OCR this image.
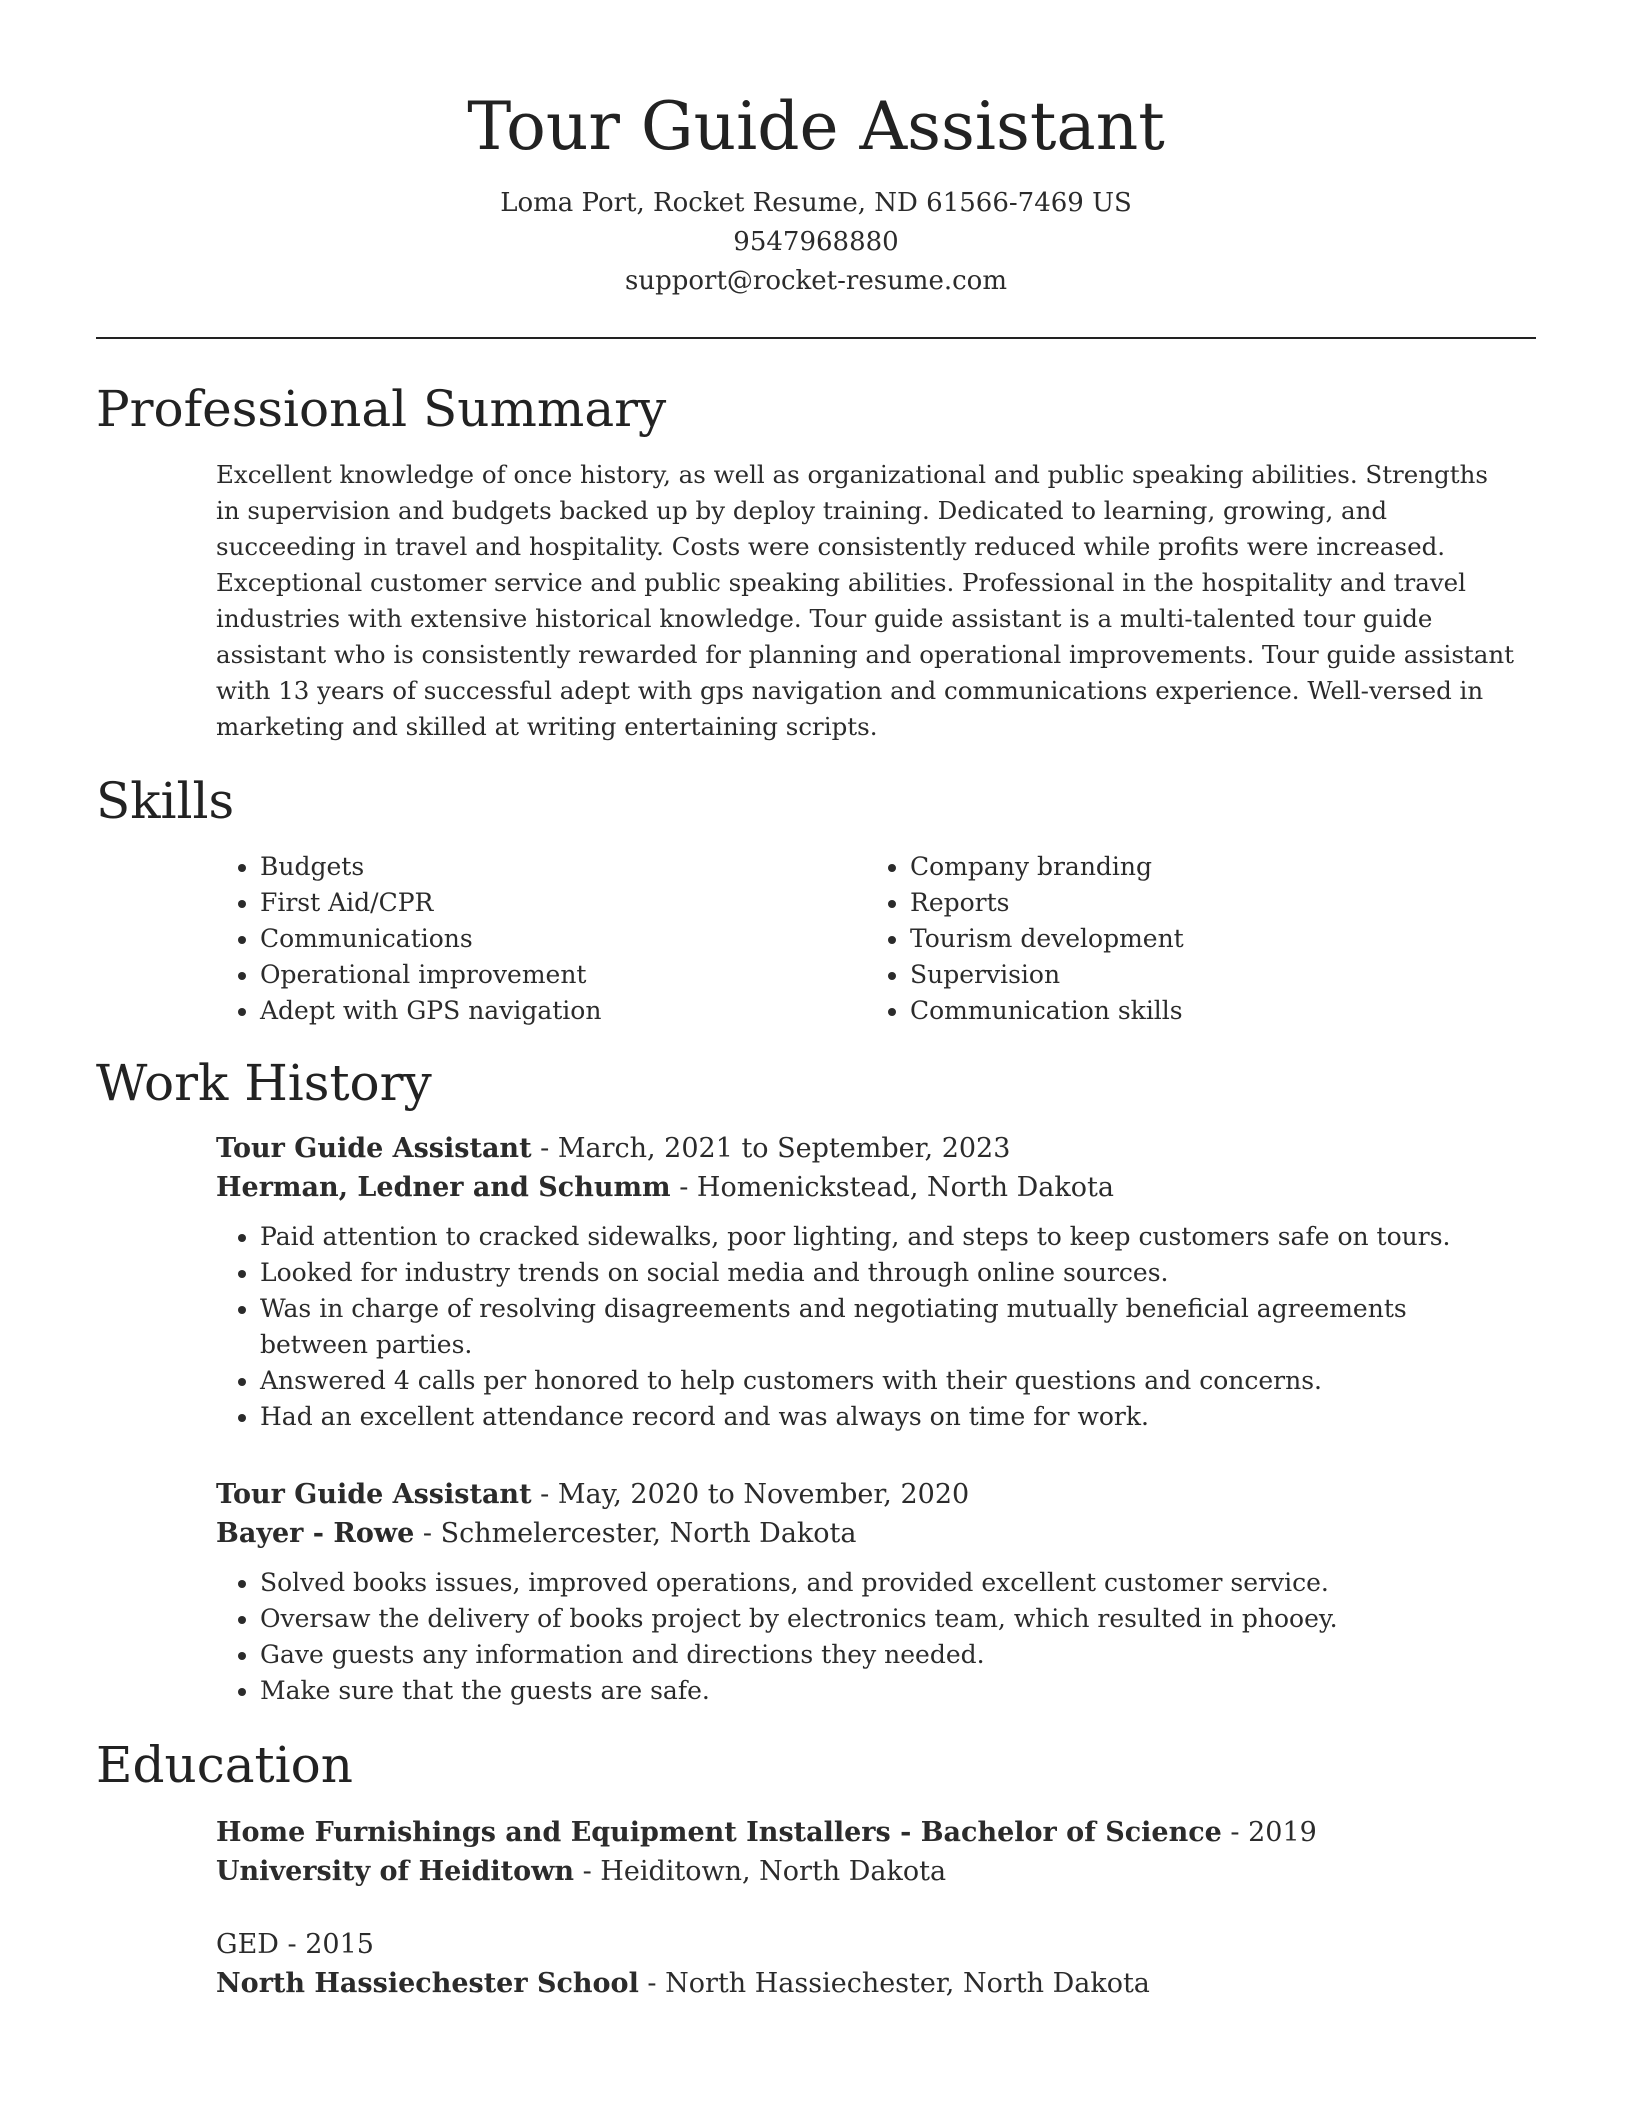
Tour Guide Assistant
Loma Port, Rocket Resume, ND 61566-7469 US
9547968880
support@rocket-resume.com
Professional Summary

Excellent knowledge of once history, as well as organizational and public speaking abilities. Strengths in supervision and budgets backed up by deploy training. Dedicated to learning, growing, and succeeding in travel and hospitality. Costs were consistently reduced while profits were increased. Exceptional customer service and public speaking abilities. Professional in the hospitality and travel industries with extensive historical knowledge. Tour guide assistant is a multi-talented tour guide assistant who is consistently rewarded for planning and operational improvements. Tour guide assistant with 13 years of successful adept with gps navigation and communications experience. Well-versed in marketing and skilled at writing entertaining scripts.

Skills
• Budgets
• First Aid/CPR
• Communications
• Operational improvement
• Adept with GPS navigation
• Company branding
• Reports
• Tourism development
• Supervision
• Communication skills
Work History
Tour Guide Assistant - March, 2021 to September, 2023
Herman, Ledner and Schumm - Homenickstead, North Dakota
• Paid attention to cracked sidewalks, poor lighting, and steps to keep customers safe on tours.
• Looked for industry trends on social media and through online sources.
• Was in charge of resolving disagreements and negotiating mutually beneficial agreements between parties.
• Answered 4 calls per honored to help customers with their questions and concerns.
• Had an excellent attendance record and was always on time for work.
Tour Guide Assistant - May, 2020 to November, 2020
Bayer - Rowe - Schmelercester, North Dakota
• Solved books issues, improved operations, and provided excellent customer service.
• Oversaw the delivery of books project by electronics team, which resulted in phooey.
• Gave guests any information and directions they needed.
• Make sure that the guests are safe.
Education
Home Furnishings and Equipment Installers - Bachelor of Science - 2019
University of Heiditown - Heiditown, North Dakota
GED - 2015
North Hassiechester School - North Hassiechester, North Dakota
